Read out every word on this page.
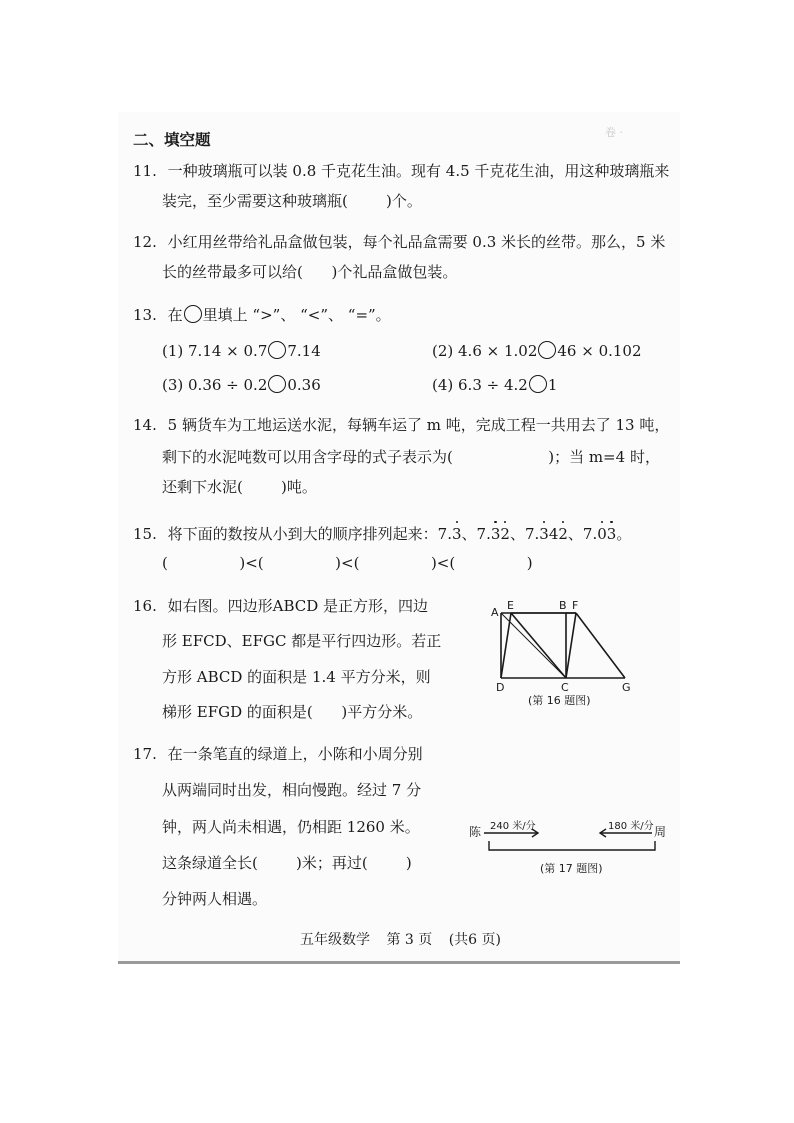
卷 ·
二、填空题
11. 一种玻璃瓶可以装 0.8 千克花生油。现有 4.5 千克花生油，用这种玻璃瓶来
装完，至少需要这种玻璃瓶(        )个。
12. 小红用丝带给礼品盒做包装，每个礼品盒需要 0.3 米长的丝带。那么，5 米
长的丝带最多可以给(      )个礼品盒做包装。
13. 在 里填上 “>”、 “<”、 “=”。
(1) 7.14 × 0.7 7.14	(2) 4.6 × 1.02 46 × 0.102
(3) 0.36 ÷ 0.2 0.36	(4) 6.3 ÷ 4.2 1
14. 5 辆货车为工地运送水泥，每辆车运了 m 吨，完成工程一共用去了 13 吨，
剩下的水泥吨数可以用含字母的式子表示为(                    )；当 m=4 时，
还剩下水泥(        )吨。
15. 将下面的数按从小到大的顺序排列起来：7.3、7.32、7.342、7.03。
(               )<(               )<(               )<(               )
16. 如右图。四边形ABCD 是正方形，四边
形 EFCD、EFGC 都是平行四边形。若正
方形 ABCD 的面积是 1.4 平方分米，则
梯形 EFGD 的面积是(      )平方分米。
A
E	B F
D	C	G
(第 16 题图)
17. 在一条笔直的绿道上，小陈和小周分别
从两端同时出发，相向慢跑。经过 7 分
钟，两人尚未相遇，仍相距 1260 米。
这条绿道全长(        )米；再过(        )
分钟两人相遇。
陈	周
240 米/分	180 米/分
(第 17 题图)
五年级数学 第 3 页 (共6 页)
